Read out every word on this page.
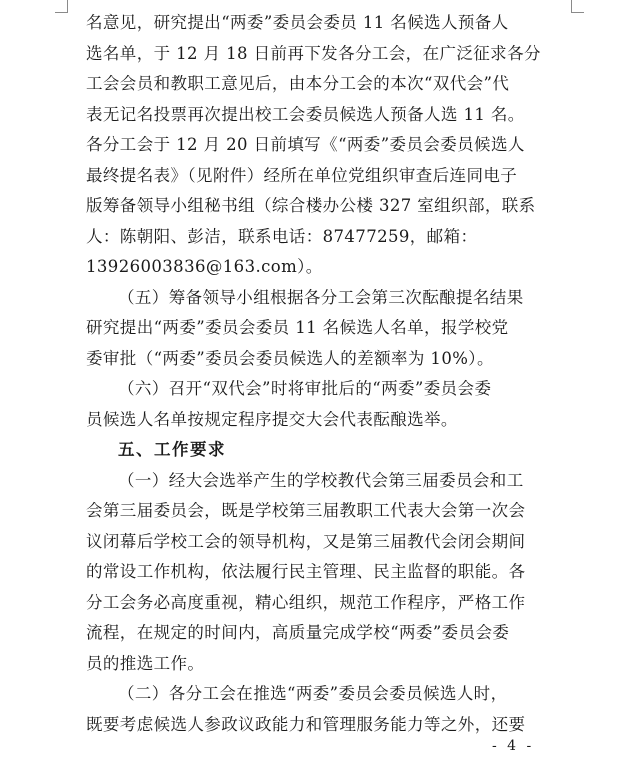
名意见，研究提出“两委”委员会委员 11 名候选人预备人
选名单，于 12 月 18 日前再下发各分工会，在广泛征求各分
工会会员和教职工意见后，由本分工会的本次“双代会”代
表无记名投票再次提出校工会委员候选人预备人选 11 名。
各分工会于 12 月 20 日前填写《“两委”委员会委员候选人
最终提名表》（见附件）经所在单位党组织审查后连同电子
版筹备领导小组秘书组（综合楼办公楼 327 室组织部，联系
人：陈朝阳、彭洁，联系电话：87477259，邮箱：
13926003836@163.com）。
（五）筹备领导小组根据各分工会第三次酝酿提名结果
研究提出“两委”委员会委员 11 名候选人名单，报学校党
委审批（“两委”委员会委员候选人的差额率为 10%）。
（六）召开“双代会”时将审批后的“两委”委员会委
员候选人名单按规定程序提交大会代表酝酿选举。
五、工作要求
（一）经大会选举产生的学校教代会第三届委员会和工
会第三届委员会，既是学校第三届教职工代表大会第一次会
议闭幕后学校工会的领导机构，又是第三届教代会闭会期间
的常设工作机构，依法履行民主管理、民主监督的职能。各
分工会务必高度重视，精心组织，规范工作程序，严格工作
流程，在规定的时间内，高质量完成学校“两委”委员会委
员的推选工作。
（二）各分工会在推选“两委”委员会委员候选人时，
既要考虑候选人参政议政能力和管理服务能力等之外，还要
- 4 -
